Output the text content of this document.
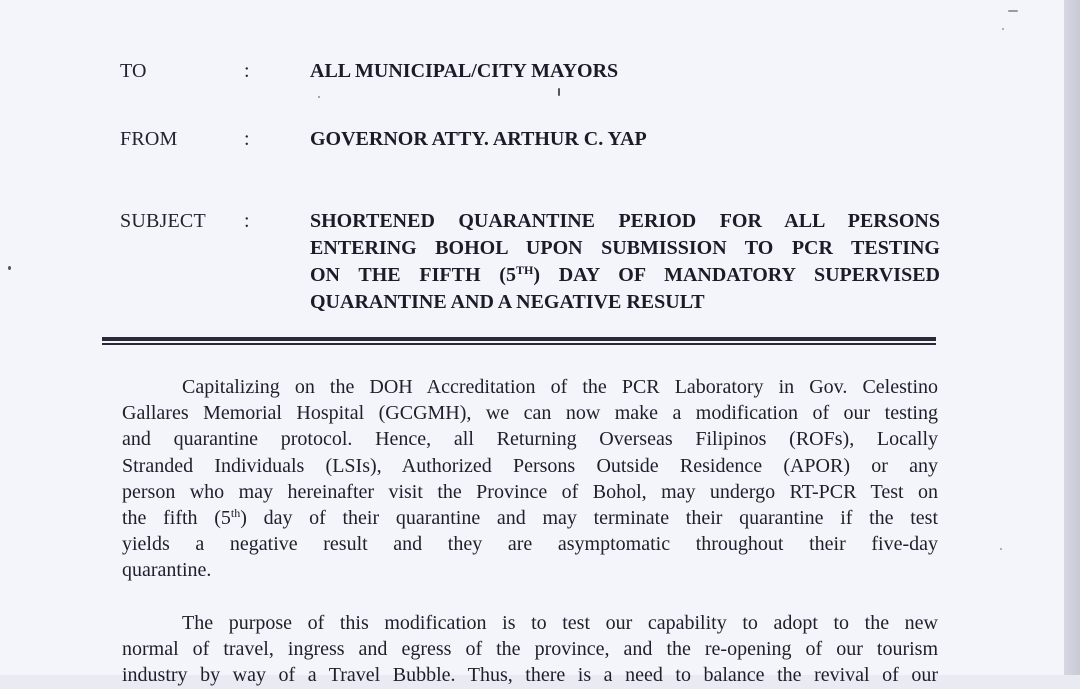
TO	:	ALL MUNICIPAL/CITY MAYORS
FROM	:	GOVERNOR ATTY. ARTHUR C. YAP
SUBJECT :	SHORTENED QUARANTINE PERIOD FOR ALL PERSONS
ENTERING BOHOL UPON SUBMISSION TO PCR TESTING
ON THE FIFTH (5TH) DAY OF MANDATORY SUPERVISED
QUARANTINE AND A NEGATIVE RESULT
Capitalizing on the DOH Accreditation of the PCR Laboratory in Gov. Celestino
Gallares Memorial Hospital (GCGMH), we can now make a modification of our testing
and quarantine protocol. Hence, all Returning Overseas Filipinos (ROFs), Locally
Stranded Individuals (LSIs), Authorized Persons Outside Residence (APOR) or any
person who may hereinafter visit the Province of Bohol, may undergo RT-PCR Test on
the fifth (5th) day of their quarantine and may terminate their quarantine if the test
yields a negative result and they are asymptomatic throughout their five-day
quarantine.
The purpose of this modification is to test our capability to adopt to the new
normal of travel, ingress and egress of the province, and the re-opening of our tourism
industry by way of a Travel Bubble. Thus, there is a need to balance the revival of our
